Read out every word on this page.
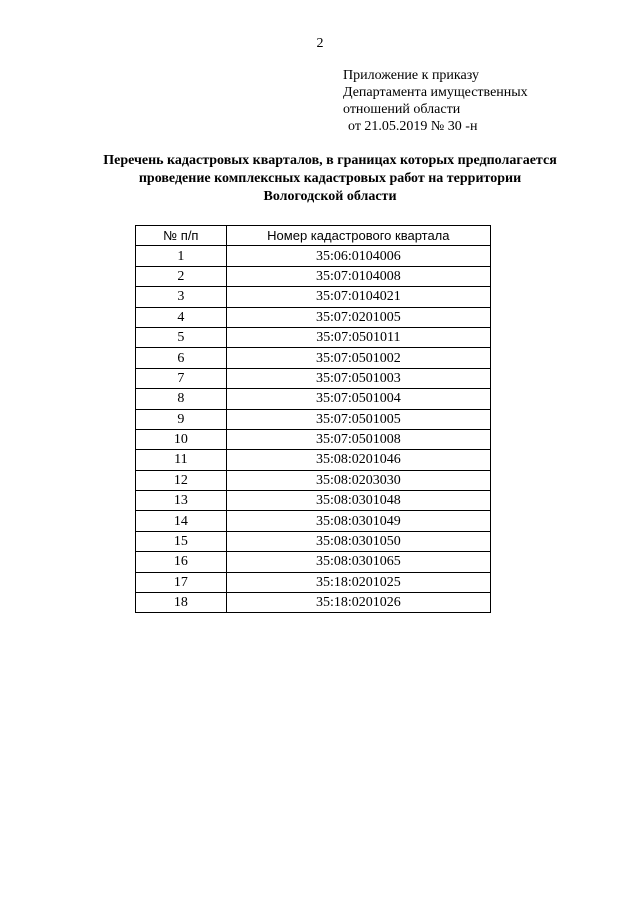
2
Приложение к приказу
Департамента имущественных
отношений области
от 21.05.2019 № 30 -н
Перечень кадастровых кварталов, в границах которых предполагается
проведение комплексных кадастровых работ на территории
Вологодской области
№ п/п	Номер кадастрового квартала
1	35:06:0104006
2	35:07:0104008
3	35:07:0104021
4	35:07:0201005
5	35:07:0501011
6	35:07:0501002
7	35:07:0501003
8	35:07:0501004
9	35:07:0501005
10	35:07:0501008
11	35:08:0201046
12	35:08:0203030
13	35:08:0301048
14	35:08:0301049
15	35:08:0301050
16	35:08:0301065
17	35:18:0201025
18	35:18:0201026
